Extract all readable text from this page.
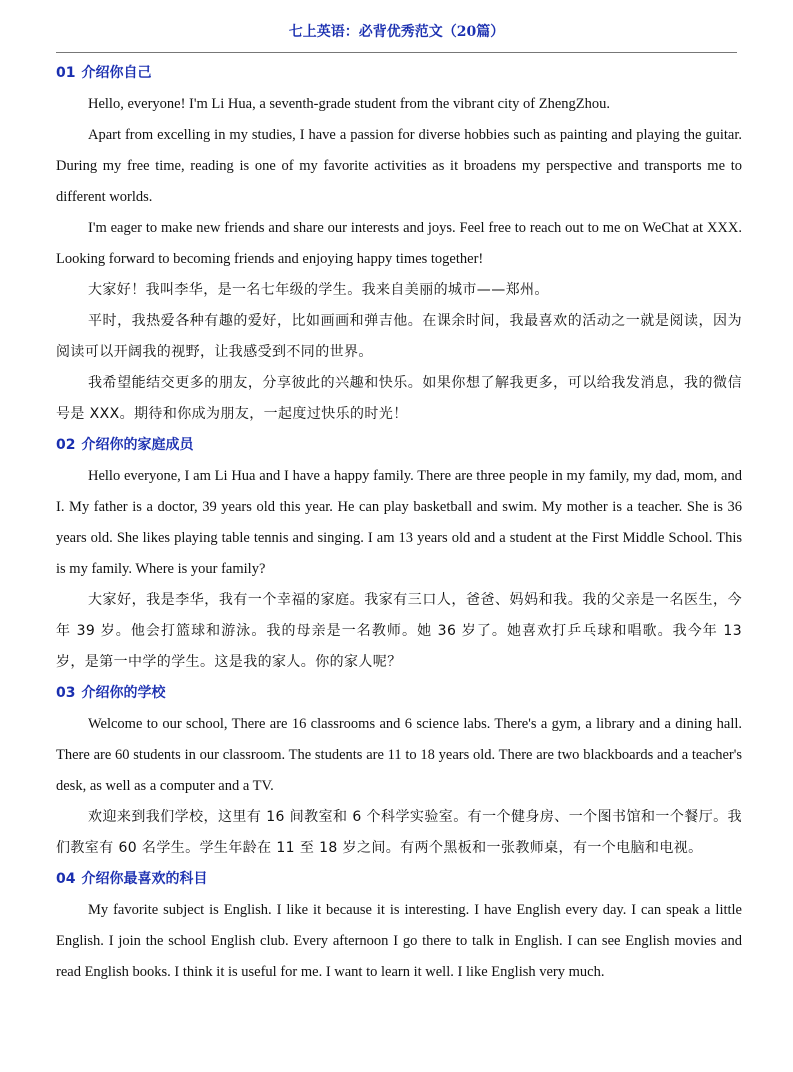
七上英语：必背优秀范文（20篇）
01 介绍你自己

Hello, everyone! I'm Li Hua, a seventh-grade student from the vibrant city of ZhengZhou.

Apart from excelling in my studies, I have a passion for diverse hobbies such as painting and playing the guitar. During my free time, reading is one of my favorite activities as it broadens my perspective and transports me to different worlds.

I'm eager to make new friends and share our interests and joys. Feel free to reach out to me on WeChat at XXX. Looking forward to becoming friends and enjoying happy times together!

大家好！我叫李华，是一名七年级的学生。我来自美丽的城市——郑州。

平时，我热爱各种有趣的爱好，比如画画和弹吉他。在课余时间，我最喜欢的活动之一就是阅读，因为阅读可以开阔我的视野，让我感受到不同的世界。

我希望能结交更多的朋友，分享彼此的兴趣和快乐。如果你想了解我更多，可以给我发消息，我的微信号是 XXX。期待和你成为朋友，一起度过快乐的时光！

02 介绍你的家庭成员

Hello everyone, I am Li Hua and I have a happy family. There are three people in my family, my dad, mom, and I. My father is a doctor, 39 years old this year. He can play basketball and swim. My mother is a teacher. She is 36 years old. She likes playing table tennis and singing. I am 13 years old and a student at the First Middle School. This is my family. Where is your family?

大家好，我是李华，我有一个幸福的家庭。我家有三口人，爸爸、妈妈和我。我的父亲是一名医生，今年 39 岁。他会打篮球和游泳。我的母亲是一名教师。她 36 岁了。她喜欢打乒乓球和唱歌。我今年 13 岁，是第一中学的学生。这是我的家人。你的家人呢？

03 介绍你的学校

Welcome to our school, There are 16 classrooms and 6 science labs. There's a gym, a library and a dining hall. There are 60 students in our classroom. The students are 11 to 18 years old. There are two blackboards and a teacher's desk, as well as a computer and a TV.

欢迎来到我们学校，这里有 16 间教室和 6 个科学实验室。有一个健身房、一个图书馆和一个餐厅。我们教室有 60 名学生。学生年龄在 11 至 18 岁之间。有两个黑板和一张教师桌，有一个电脑和电视。

04 介绍你最喜欢的科目

My favorite subject is English. I like it because it is interesting. I have English every day. I can speak a little English. I join the school English club. Every afternoon I go there to talk in English. I can see English movies and read English books. I think it is useful for me. I want to learn it well. I like English very much.
